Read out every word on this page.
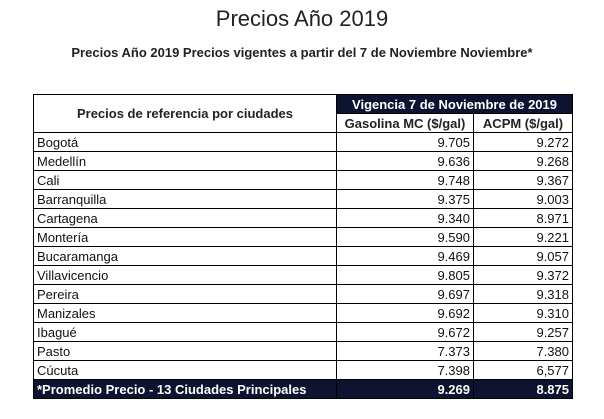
Precios Año 2019

Precios Año 2019 Precios vigentes a partir del 7 de Noviembre Noviembre*

Precios de referencia por ciudades	Vigencia 7 de Noviembre de 2019	
	Gasolina MC ($/gal)	ACPM ($/gal)
Bogotá	9.705	9.272
Medellín	9.636	9.268
Cali	9.748	9.367
Barranquilla	9.375	9.003
Cartagena	9.340	8.971
Montería	9.590	9.221
Bucaramanga	9.469	9.057
Villavicencio	9.805	9.372
Pereira	9.697	9.318
Manizales	9.692	9.310
Ibagué	9.672	9.257
Pasto	7.373	7.380
Cúcuta	7.398	6,577
*Promedio Precio - 13 Ciudades Principales	9.269	8.875
